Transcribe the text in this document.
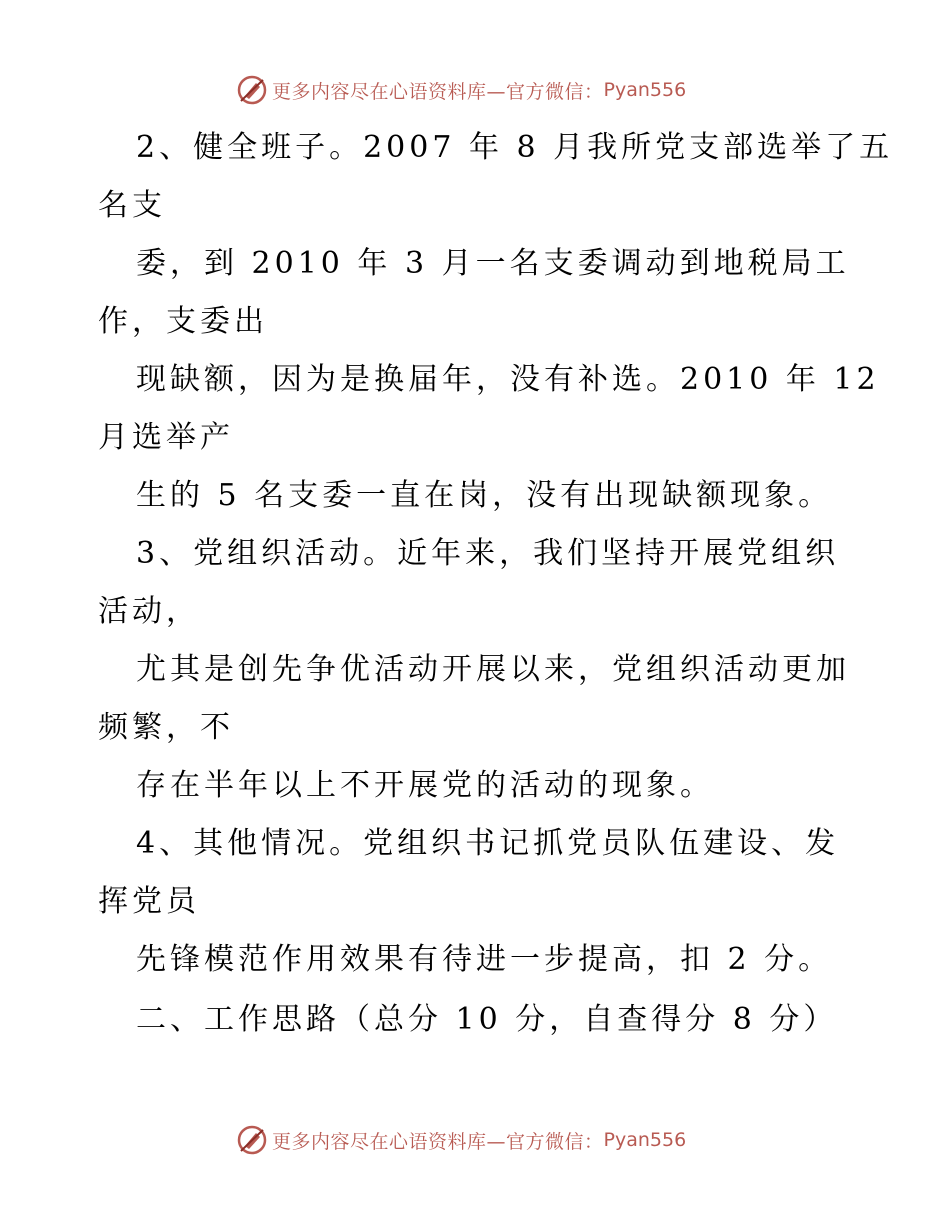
更多内容尽在心语资料库—官方微信： Pyan556
2、健全班子。2007 年 8 月我所党支部选举了五
名支
委，到 2010 年 3 月一名支委调动到地税局工
作，支委出
现缺额，因为是换届年，没有补选。2010 年 12
月选举产
生的 5 名支委一直在岗，没有出现缺额现象。
3、党组织活动。近年来，我们坚持开展党组织
活动，
尤其是创先争优活动开展以来，党组织活动更加
频繁，不
存在半年以上不开展党的活动的现象。
4、其他情况。党组织书记抓党员队伍建设、发
挥党员
先锋模范作用效果有待进一步提高，扣 2 分。
二、工作思路（总分 10 分，自查得分 8 分）
更多内容尽在心语资料库—官方微信： Pyan556
